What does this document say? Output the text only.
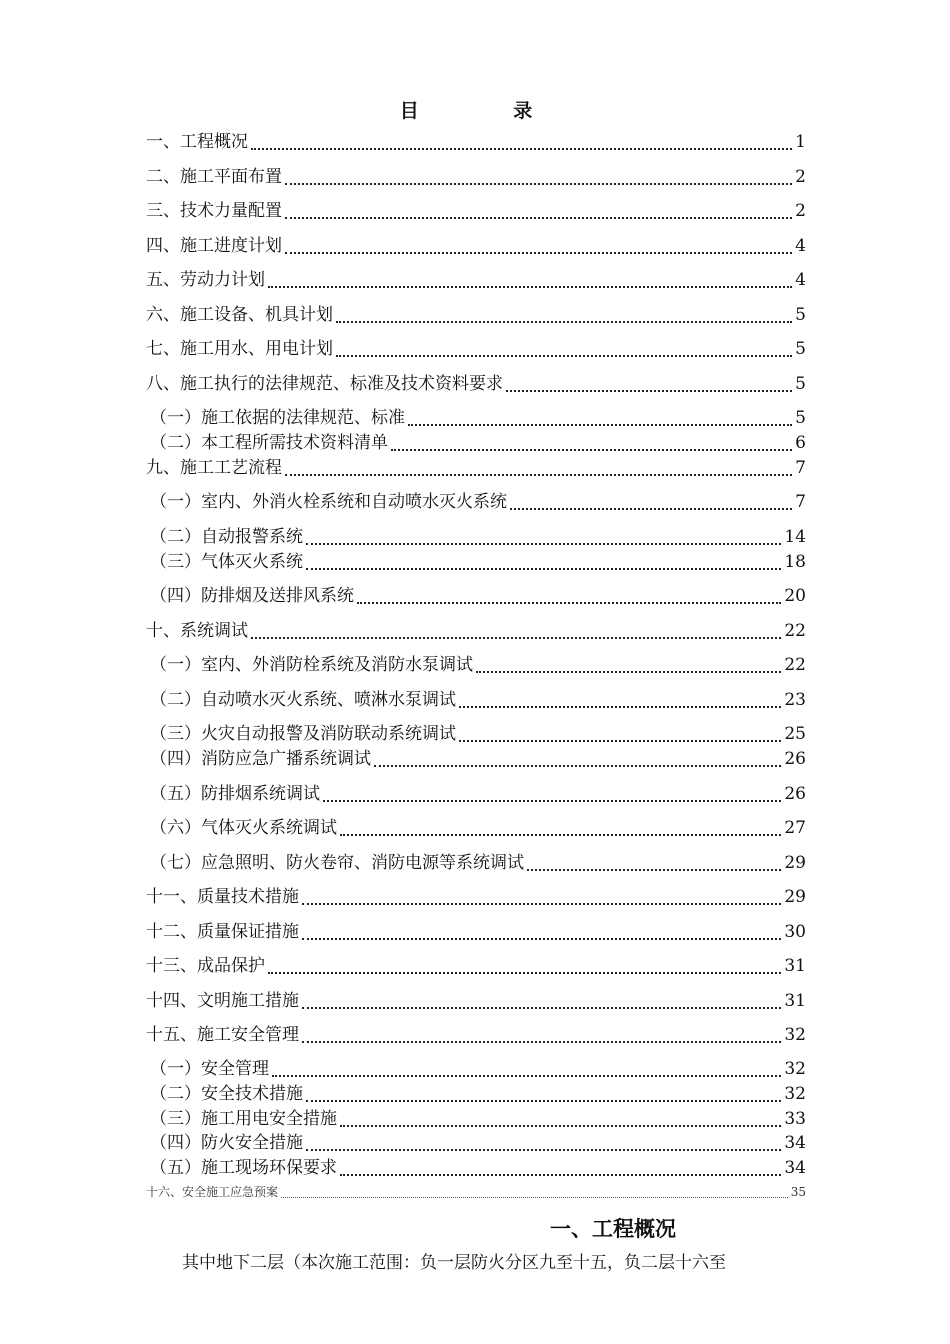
目 录
一、工程概况	1
二、施工平面布置	2
三、技术力量配置	2
四、施工进度计划	4
五、劳动力计划	4
六、施工设备、机具计划	5
七、施工用水、用电计划	5
八、施工执行的法律规范、标准及技术资料要求	5
（一）施工依据的法律规范、标准	5
（二）本工程所需技术资料清单	6
九、施工工艺流程	7
（一）室内、外消火栓系统和自动喷水灭火系统	7
（二）自动报警系统	14
（三）气体灭火系统	18
（四）防排烟及送排风系统	20
十、系统调试	22
（一）室内、外消防栓系统及消防水泵调试	22
（二）自动喷水灭火系统、喷淋水泵调试	23
（三）火灾自动报警及消防联动系统调试	25
（四）消防应急广播系统调试	26
（五）防排烟系统调试	26
（六）气体灭火系统调试	27
（七）应急照明、防火卷帘、消防电源等系统调试	29
十一、质量技术措施	29
十二、质量保证措施	30
十三、成品保护	31
十四、文明施工措施	31
十五、施工安全管理	32
（一）安全管理	32
（二）安全技术措施	32
（三）施工用电安全措施	33
（四）防火安全措施	34
（五）施工现场环保要求	34
十六、安全施工应急预案	35
一、工程概况
其中地下二层（本次施工范围：负一层防火分区九至十五，负二层十六至
